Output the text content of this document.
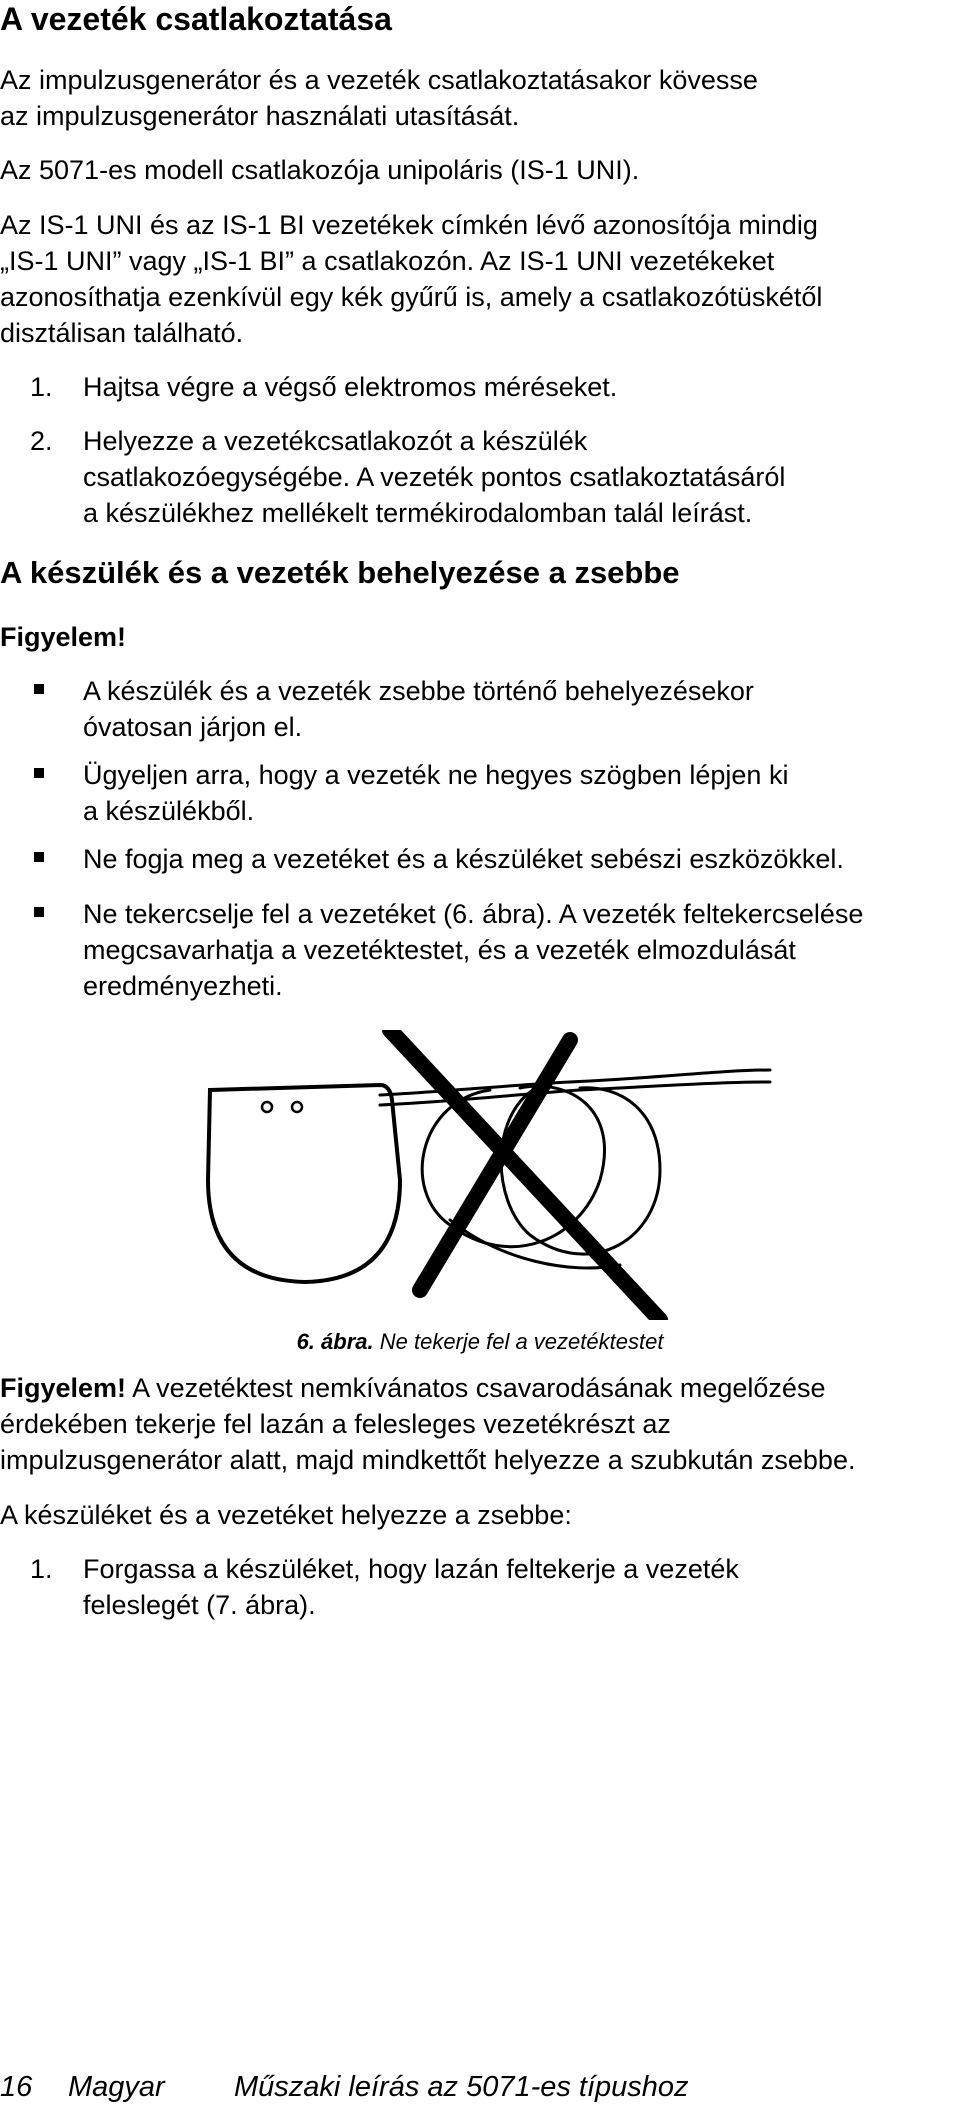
A vezeték csatlakoztatása

Az impulzusgenerátor és a vezeték csatlakoztatásakor kövesse

az impulzusgenerátor használati utasítását.

Az 5071-es modell csatlakozója unipoláris (IS-1 UNI).

Az IS-1 UNI és az IS-1 BI vezetékek címkén lévő azonosítója mindig

„IS-1 UNI” vagy „IS-1 BI” a csatlakozón. Az IS-1 UNI vezetékeket

azonosíthatja ezenkívül egy kék gyűrű is, amely a csatlakozótüskétől

disztálisan található.

1.	Hajtsa végre a végső elektromos méréseket.
2.	Helyezze a vezetékcsatlakozót a készülék
csatlakozóegységébe. A vezeték pontos csatlakoztatásáról
a készülékhez mellékelt termékirodalomban talál leírást.
A készülék és a vezeték behelyezése a zsebbe

Figyelem!

A készülék és a vezeték zsebbe történő behelyezésekor
óvatosan járjon el.
Ügyeljen arra, hogy a vezeték ne hegyes szögben lépjen ki
a készülékből.
Ne fogja meg a vezetéket és a készüléket sebészi eszközökkel.
Ne tekercselje fel a vezetéket (6. ábra). A vezeték feltekercselése
megcsavarhatja a vezetéktestet, és a vezeték elmozdulását
eredményezheti.
6. ábra. Ne tekerje fel a vezetéktestet

Figyelem! A vezetéktest nemkívánatos csavarodásának megelőzése

érdekében tekerje fel lazán a felesleges vezetékrészt az

impulzusgenerátor alatt, majd mindkettőt helyezze a szubkután zsebbe.

A készüléket és a vezetéket helyezze a zsebbe:

1.	Forgassa a készüléket, hogy lazán feltekerje a vezeték
feleslegét (7. ábra).
16 Magyar Műszaki leírás az 5071-es típushoz
